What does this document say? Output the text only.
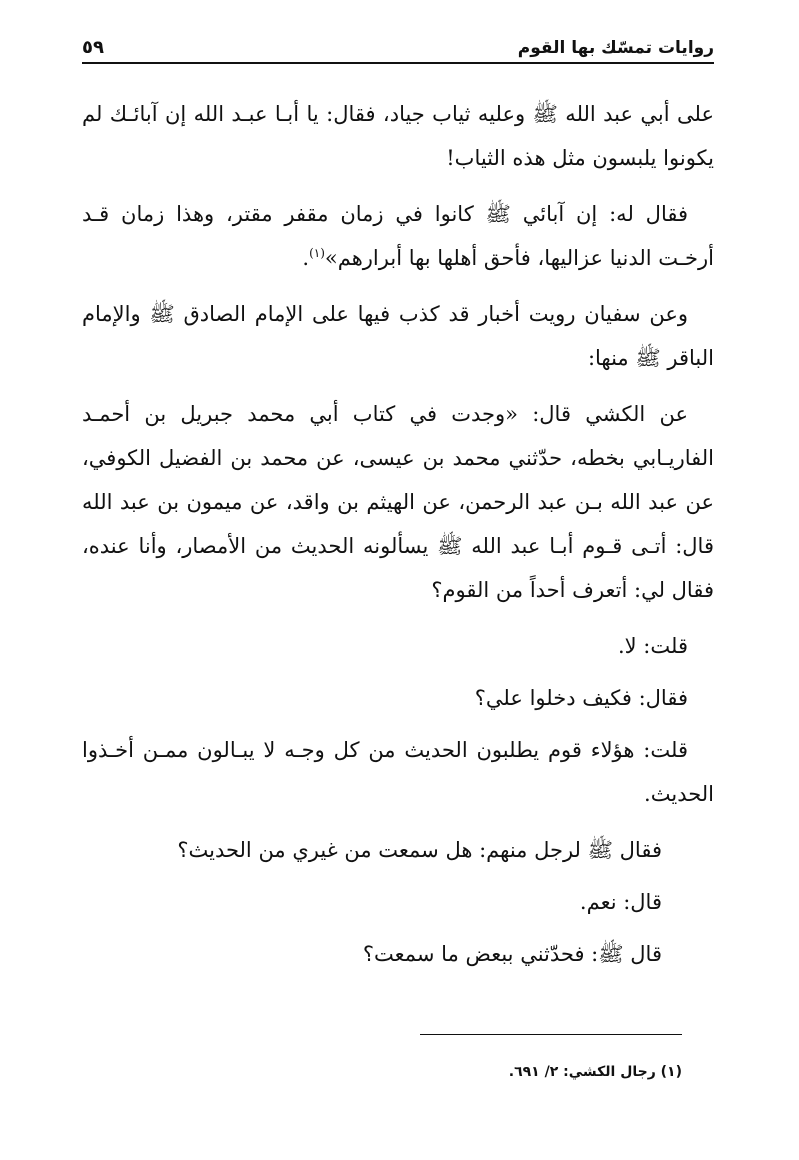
روايات تمسّك بها القوم
٥٩

على أبي عبد الله ﷺ وعليه ثياب جياد، فقال: يا أبـا عبـد الله إن آبائـك لم يكونوا يلبسون مثل هذه الثياب!

فقال له: إن آبائي ﷺ كانوا في زمان مقفر مقتر، وهذا زمان قـد أرخـت الدنيا عزاليها، فأحق أهلها بها أبرارهم»$^{(١)}$.

وعن سفيان رويت أخبار قد كذب فيها على الإمام الصادق ﷺ والإمام الباقر ﷺ منها:

عن الكشي قال: «وجدت في كتاب أبي محمد جبريل بن أحمـد الفاريـابي بخطه، حدّثني محمد بن عيسى، عن محمد بن الفضيل الكوفي، عن عبد الله بـن عبد الرحمن، عن الهيثم بن واقد، عن ميمون بن عبد الله قال: أتـى قـوم أبـا عبد الله ﷺ يسألونه الحديث من الأمصار، وأنا عنده، فقال لي: أتعرف أحداً من القوم؟

قلت: لا.

فقال: فكيف دخلوا علي؟

قلت: هؤلاء قوم يطلبون الحديث من كل وجـه لا يبـالون ممـن أخـذوا الحديث.

فقال ﷺ لرجل منهم: هل سمعت من غيري من الحديث؟

قال: نعم.

قال ﷺ: فحدّثني ببعض ما سمعت؟

(١) رجال الكشي: ٢/ ٦٩١.
